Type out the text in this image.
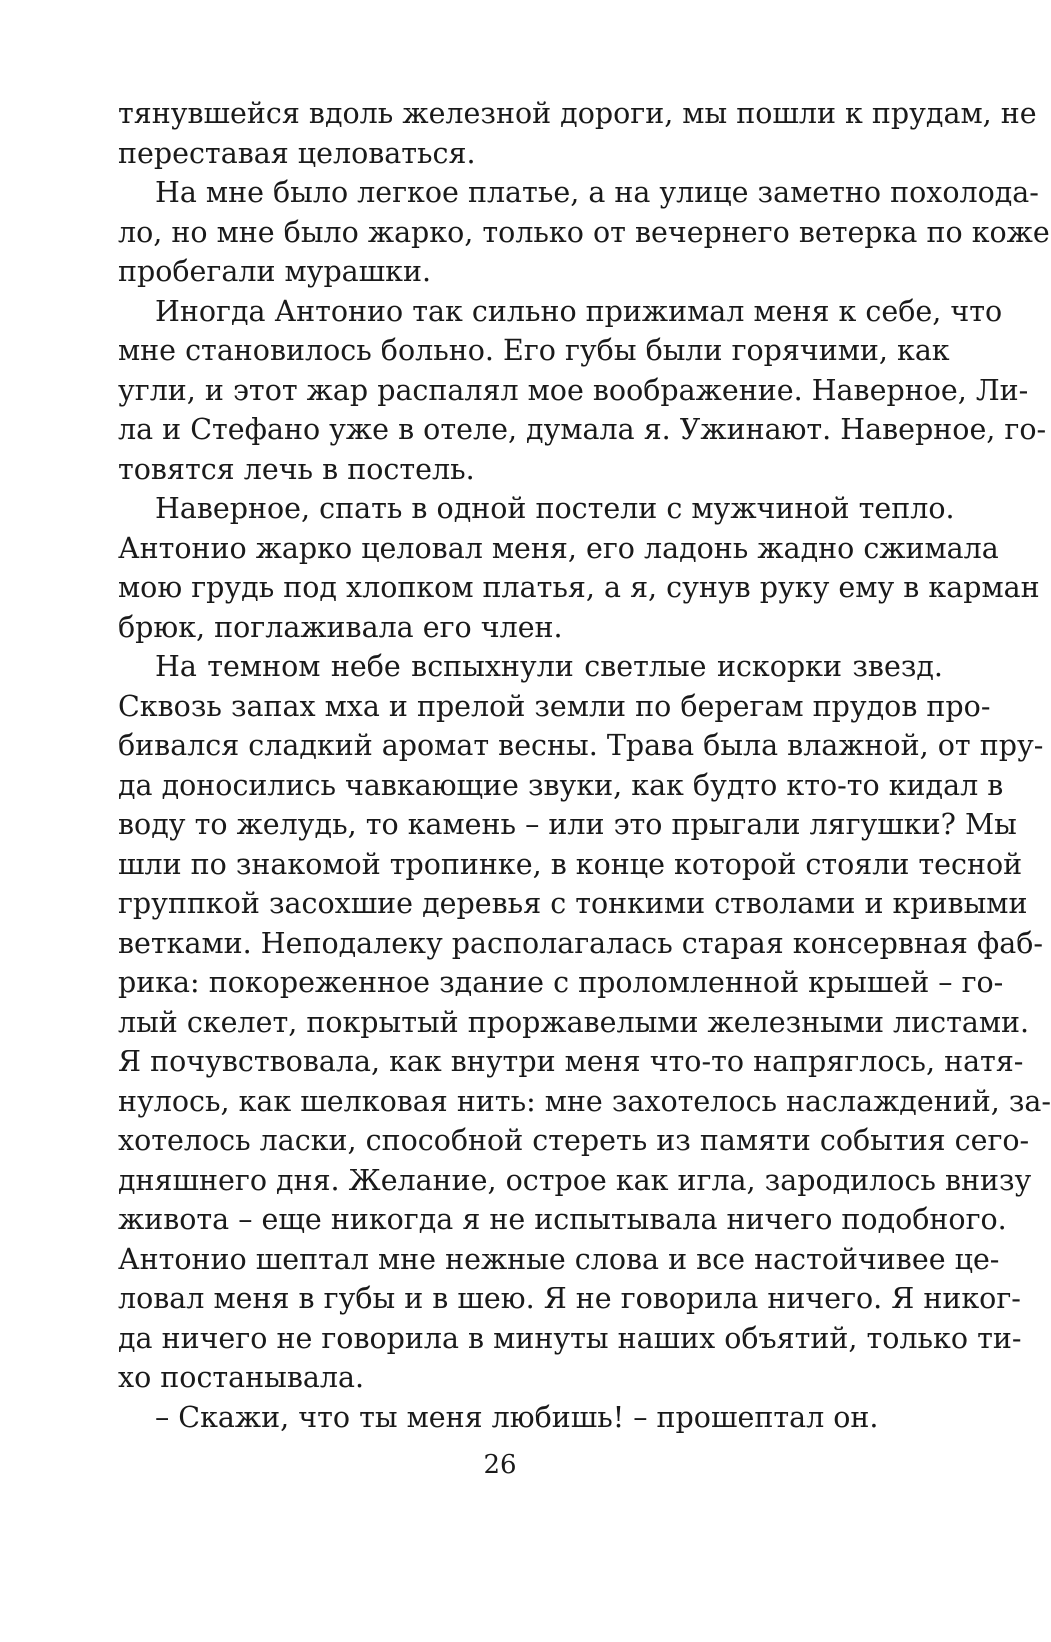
тянувшейся вдоль железной дороги, мы пошли к прудам, не
переставая целоваться.
На мне было легкое платье, а на улице заметно похолода-
ло, но мне было жарко, только от вечернего ветерка по коже
пробегали мурашки.
Иногда Антонио так сильно прижимал меня к себе, что
мне становилось больно. Его губы были горячими, как
угли, и этот жар распалял мое воображение. Наверное, Ли-
ла и Стефано уже в отеле, думала я. Ужинают. Наверное, го-
товятся лечь в постель.
Наверное, спать в одной постели с мужчиной тепло.
Антонио жарко целовал меня, его ладонь жадно сжимала
мою грудь под хлопком платья, а я, сунув руку ему в карман
брюк, поглаживала его член.
На темном небе вспыхнули светлые искорки звезд.
Сквозь запах мха и прелой земли по берегам прудов про-
бивался сладкий аромат весны. Трава была влажной, от пру-
да доносились чавкающие звуки, как будто кто-то кидал в
воду то желудь, то камень – или это прыгали лягушки? Мы
шли по знакомой тропинке, в конце которой стояли тесной
группкой засохшие деревья с тонкими стволами и кривыми
ветками. Неподалеку располагалась старая консервная фаб-
рика: покореженное здание с проломленной крышей – го-
лый скелет, покрытый проржавелыми железными листами.
Я почувствовала, как внутри меня что-то напряглось, натя-
нулось, как шелковая нить: мне захотелось наслаждений, за-
хотелось ласки, способной стереть из памяти события сего-
дняшнего дня. Желание, острое как игла, зародилось внизу
живота – еще никогда я не испытывала ничего подобного.
Антонио шептал мне нежные слова и все настойчивее це-
ловал меня в губы и в шею. Я не говорила ничего. Я никог-
да ничего не говорила в минуты наших объятий, только ти-
хо постанывала.
– Скажи, что ты меня любишь! – прошептал он.
26
